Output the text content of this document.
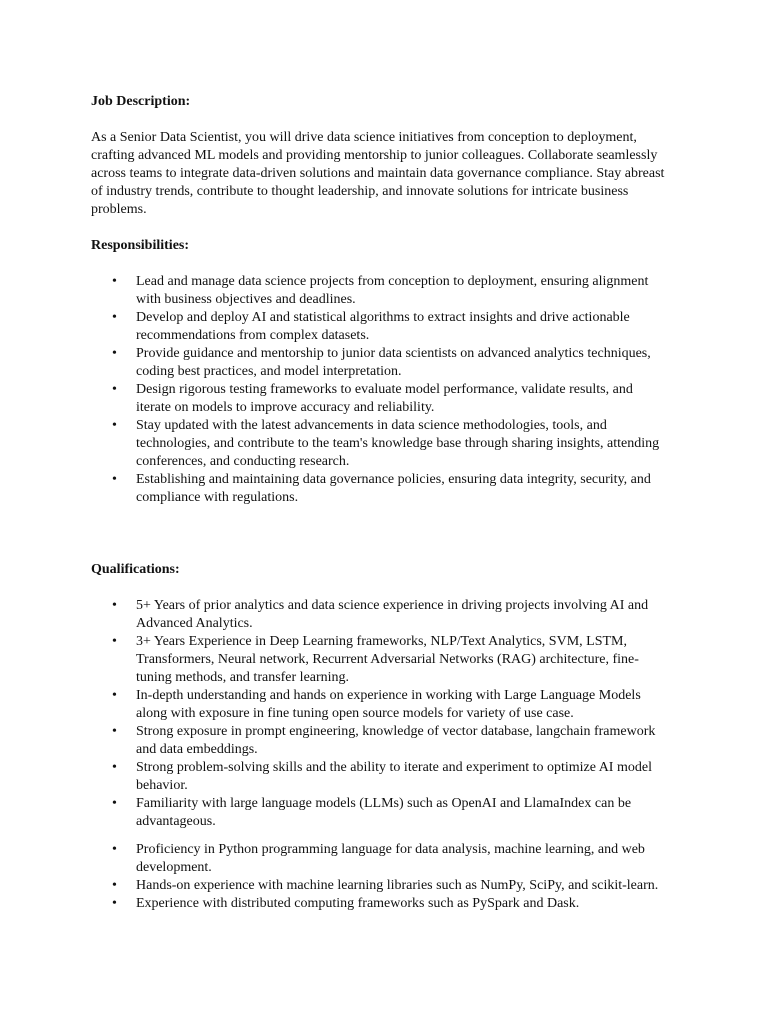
Job Description:

As a Senior Data Scientist, you will drive data science initiatives from conception to deployment, crafting advanced ML models and providing mentorship to junior colleagues. Collaborate seamlessly across teams to integrate data-driven solutions and maintain data governance compliance. Stay abreast of industry trends, contribute to thought leadership, and innovate solutions for intricate business problems.

Responsibilities:

• Lead and manage data science projects from conception to deployment, ensuring alignment with business objectives and deadlines.
• Develop and deploy AI and statistical algorithms to extract insights and drive actionable recommendations from complex datasets.
• Provide guidance and mentorship to junior data scientists on advanced analytics techniques, coding best practices, and model interpretation.
• Design rigorous testing frameworks to evaluate model performance, validate results, and iterate on models to improve accuracy and reliability.
• Stay updated with the latest advancements in data science methodologies, tools, and technologies, and contribute to the team's knowledge base through sharing insights, attending conferences, and conducting research.
• Establishing and maintaining data governance policies, ensuring data integrity, security, and compliance with regulations.

Qualifications:

• 5+ Years of prior analytics and data science experience in driving projects involving AI and Advanced Analytics.
• 3+ Years Experience in Deep Learning frameworks, NLP/Text Analytics, SVM, LSTM, Transformers, Neural network, Recurrent Adversarial Networks (RAG) architecture, fine-tuning methods, and transfer learning.
• In-depth understanding and hands on experience in working with Large Language Models along with exposure in fine tuning open source models for variety of use case.
• Strong exposure in prompt engineering, knowledge of vector database, langchain framework and data embeddings.
• Strong problem-solving skills and the ability to iterate and experiment to optimize AI model behavior.
• Familiarity with large language models (LLMs) such as OpenAI and LlamaIndex can be advantageous.
• Proficiency in Python programming language for data analysis, machine learning, and web development.
• Hands-on experience with machine learning libraries such as NumPy, SciPy, and scikit-learn.
• Experience with distributed computing frameworks such as PySpark and Dask.
